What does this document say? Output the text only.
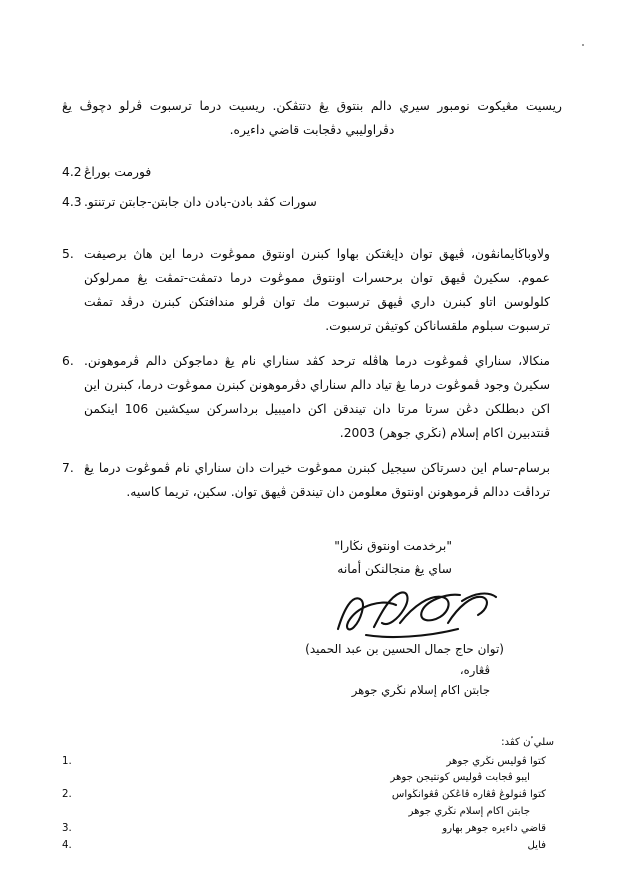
ريسيت مڠيکوت نومبور سيري دالم بنتوق يڠ دتتڤکن. ريسيت درما ترسبوت ڤرلو دچوڤ يڠ دڤراوليبي دڤجابت قاضي داءيره.

4.2 فورمت بوراڠ
4.3 سورات کڤد بادن-بادن دان جابتن-جابتن ترتنتو.
5. ولاوباڬايمانڤون، ڤيهق توان دإيڠتکن بهاوا کبنرن اونتوق مموڠوت درما اين هاڽ برصيفت عموم. سکيرڽ ڤيهق توان برحسرات اونتوق مموڠوت درما دتمڤت-تمڤت يڠ ممرلوکن کلولوسن اتاو کبنرن داري ڤيهق ترسبوت مك توان ڤرلو مندافتکن کبنرن درڤد تمڤت ترسبوت سبلوم ملقساناکن کوتيڤن ترسبوت.
6. منکالا، سناراي ڤموڠوت درما هاڤله ترحد کڤد سناراي نام يڠ دماجوکن دالم ڤرموهونن. سکيرڽ وجود ڤموڠوت درما يڠ تياد دالم سناراي دڤرموهونن کبنرن مموڠوت درما، کبنرن اين اکن دبطلکن دڠن سرتا مرتا دان تيندقن اکن داميبيل برداسركن سيکشين 106 اينکمن ڤنتدبيرن اکام إسلام (نڬري جوهر) 2003.
7. برسام-سام اين دسرتاکن سيجيل کبنرن مموڠوت خيرات دان سناراي نام ڤموڠوت درما يڠ ترداڤت ددالم ڤرموهونن اونتوق معلومن دان تيندقن ڤيهق توان. سکين، تريما کاسيه.
"برخدمت اونتوق نڬارا"
ساي يڠ منجالنکن أمانه
(توان حاج جمال الحسين بن عبد الحميد)
ڤڠاره،
جابتن اکام إسلام نڬري جوهر
سليٴن کڤد:
1.	کتوا ڤوليس نڬري جوهر
ايبو ڤجابت ڤوليس کونتيجن جوهر
2.	کتوا ڤنولوڠ ڤڠاره ڤاڠکن ڤڠوانڬواس
جابتن اکام إسلام نڬري جوهر
3.	قاضي داءيره جوهر بهارو
4.	فايل
